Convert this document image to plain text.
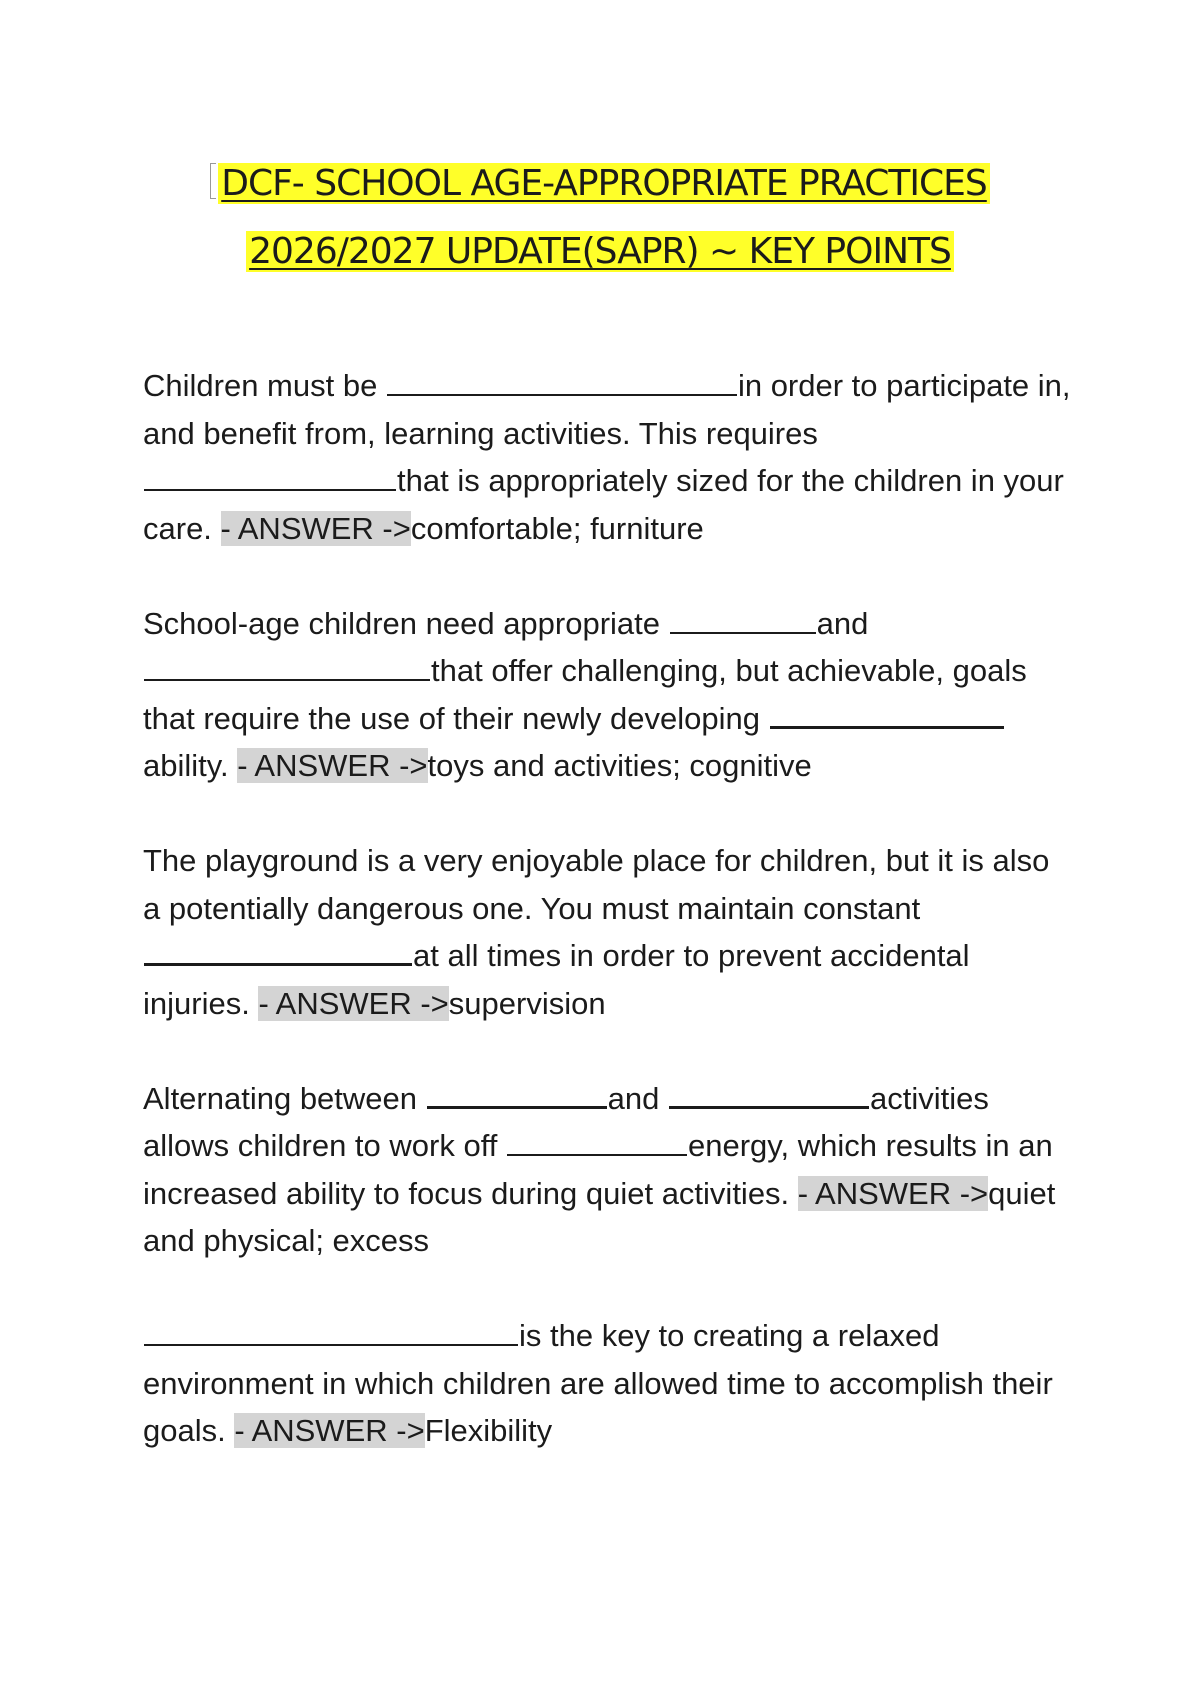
DCF- SCHOOL AGE-APPROPRIATE PRACTICES
2026/2027 UPDATE(SAPR) ~ KEY POINTS

Children must be	in order to participate in, and benefit from, learning activities. This requires that is appropriately sized for the children in your care. - ANSWER ->comfortable; furniture

School-age children need appropriate	and that offer challenging, but achievable, goals that require the use of their newly developing  ability. - ANSWER ->toys and activities; cognitive

The playground is a very enjoyable place for children, but it is also a potentially dangerous one. You must maintain constant at all times in order to prevent accidental injuries. - ANSWER ->supervision

Alternating between	and	activities allows children to work off	energy, which results in an increased ability to focus during quiet activities. - ANSWER ->quiet and physical; excess

is the key to creating a relaxed environment in which children are allowed time to accomplish their goals. - ANSWER ->Flexibility
